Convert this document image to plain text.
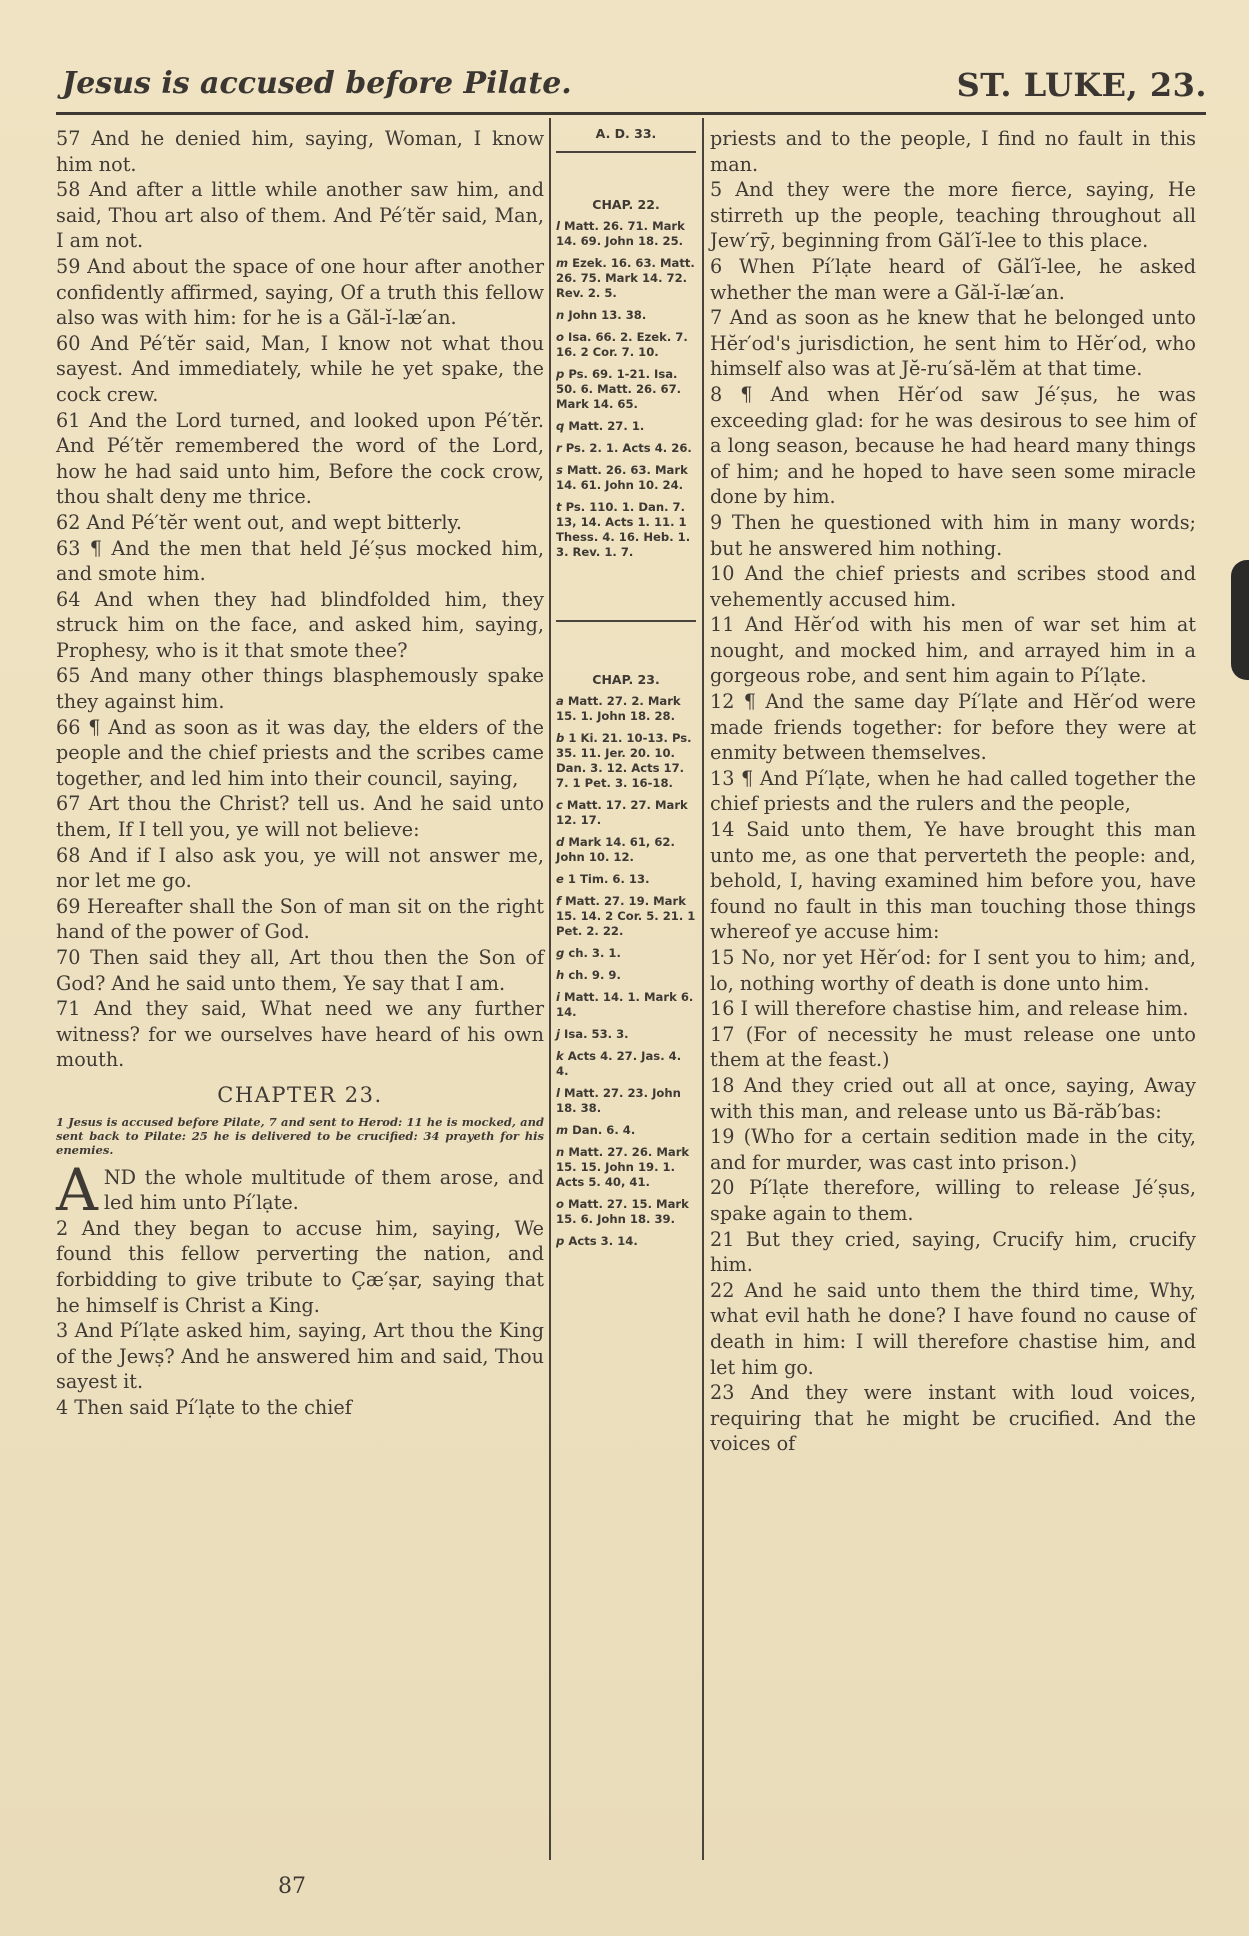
Jesus is accused before Pilate.	ST. LUKE, 23.

57 And he denied him, saying, Woman, I know him not.

58 And after a little while another saw him, and said, Thou art also of them. And Pé′tĕr said, Man, I am not.

59 And about the space of one hour after another confidently affirmed, saying, Of a truth this fellow also was with him: for he is a Găl-ĭ-læ′an.

60 And Pé′tĕr said, Man, I know not what thou sayest. And immediately, while he yet spake, the cock crew.

61 And the Lord turned, and looked upon Pé′tĕr. And Pé′tĕr remembered the word of the Lord, how he had said unto him, Before the cock crow, thou shalt deny me thrice.

62 And Pé′tĕr went out, and wept bitterly.

63 ¶ And the men that held Jé′ṣus mocked him, and smote him.

64 And when they had blindfolded him, they struck him on the face, and asked him, saying, Prophesy, who is it that smote thee?

65 And many other things blasphemously spake they against him.

66 ¶ And as soon as it was day, the elders of the people and the chief priests and the scribes came together, and led him into their council, saying,

67 Art thou the Christ? tell us. And he said unto them, If I tell you, ye will not believe:

68 And if I also ask you, ye will not answer me, nor let me go.

69 Hereafter shall the Son of man sit on the right hand of the power of God.

70 Then said they all, Art thou then the Son of God? And he said unto them, Ye say that I am.

71 And they said, What need we any further witness? for we ourselves have heard of his own mouth.

CHAPTER 23.
1 Jesus is accused before Pilate, 7 and sent to Herod: 11 he is mocked, and sent back to Pilate: 25 he is delivered to be crucified: 34 prayeth for his enemies.

AND the whole multitude of them arose, and led him unto Pí′lạte.

2 And they began to accuse him, saying, We found this fellow perverting the nation, and forbidding to give tribute to Çæ′ṣar, saying that he himself is Christ a King.

3 And Pí′lạte asked him, saying, Art thou the King of the Jewṣ? And he answered him and said, Thou sayest it.

4 Then said Pí′lạte to the chief

A. D. 33.
CHAP. 22.
l Matt. 26. 71. Mark 14. 69. John 18. 25.
m Ezek. 16. 63. Matt. 26. 75. Mark 14. 72. Rev. 2. 5.
n John 13. 38.
o Isa. 66. 2. Ezek. 7. 16. 2 Cor. 7. 10.
p Ps. 69. 1-21. Isa. 50. 6. Matt. 26. 67. Mark 14. 65.
q Matt. 27. 1.
r Ps. 2. 1. Acts 4. 26.
s Matt. 26. 63. Mark 14. 61. John 10. 24.
t Ps. 110. 1. Dan. 7. 13, 14. Acts 1. 11. 1 Thess. 4. 16. Heb. 1. 3. Rev. 1. 7.
CHAP. 23.
a Matt. 27. 2. Mark 15. 1. John 18. 28.
b 1 Ki. 21. 10-13. Ps. 35. 11. Jer. 20. 10. Dan. 3. 12. Acts 17. 7. 1 Pet. 3. 16-18.
c Matt. 17. 27. Mark 12. 17.
d Mark 14. 61, 62. John 10. 12.
e 1 Tim. 6. 13.
f Matt. 27. 19. Mark 15. 14. 2 Cor. 5. 21. 1 Pet. 2. 22.
g ch. 3. 1.
h ch. 9. 9.
i Matt. 14. 1. Mark 6. 14.
j Isa. 53. 3.
k Acts 4. 27. Jas. 4. 4.
l Matt. 27. 23. John 18. 38.
m Dan. 6. 4.
n Matt. 27. 26. Mark 15. 15. John 19. 1. Acts 5. 40, 41.
o Matt. 27. 15. Mark 15. 6. John 18. 39.
p Acts 3. 14.

priests and to the people, I find no fault in this man.

5 And they were the more fierce, saying, He stirreth up the people, teaching throughout all Jew′rȳ, beginning from Găl′ĭ-lee to this place.

6 When Pí′lạte heard of Găl′ĭ-lee, he asked whether the man were a Găl-ĭ-læ′an.

7 And as soon as he knew that he belonged unto Hĕr′od's jurisdiction, he sent him to Hĕr′od, who himself also was at Jĕ-ru′să-lĕm at that time.

8 ¶ And when Hĕr′od saw Jé′ṣus, he was exceeding glad: for he was desirous to see him of a long season, because he had heard many things of him; and he hoped to have seen some miracle done by him.

9 Then he questioned with him in many words; but he answered him nothing.

10 And the chief priests and scribes stood and vehemently accused him.

11 And Hĕr′od with his men of war set him at nought, and mocked him, and arrayed him in a gorgeous robe, and sent him again to Pí′lạte.

12 ¶ And the same day Pí′lạte and Hĕr′od were made friends together: for before they were at enmity between themselves.

13 ¶ And Pí′lạte, when he had called together the chief priests and the rulers and the people,

14 Said unto them, Ye have brought this man unto me, as one that perverteth the people: and, behold, I, having examined him before you, have found no fault in this man touching those things whereof ye accuse him:

15 No, nor yet Hĕr′od: for I sent you to him; and, lo, nothing worthy of death is done unto him.

16 I will therefore chastise him, and release him.

17 (For of necessity he must release one unto them at the feast.)

18 And they cried out all at once, saying, Away with this man, and release unto us Bă-răb′bas:

19 (Who for a certain sedition made in the city, and for murder, was cast into prison.)

20 Pí′lạte therefore, willing to release Jé′ṣus, spake again to them.

21 But they cried, saying, Crucify him, crucify him.

22 And he said unto them the third time, Why, what evil hath he done? I have found no cause of death in him: I will therefore chastise him, and let him go.

23 And they were instant with loud voices, requiring that he might be crucified. And the voices of

87
